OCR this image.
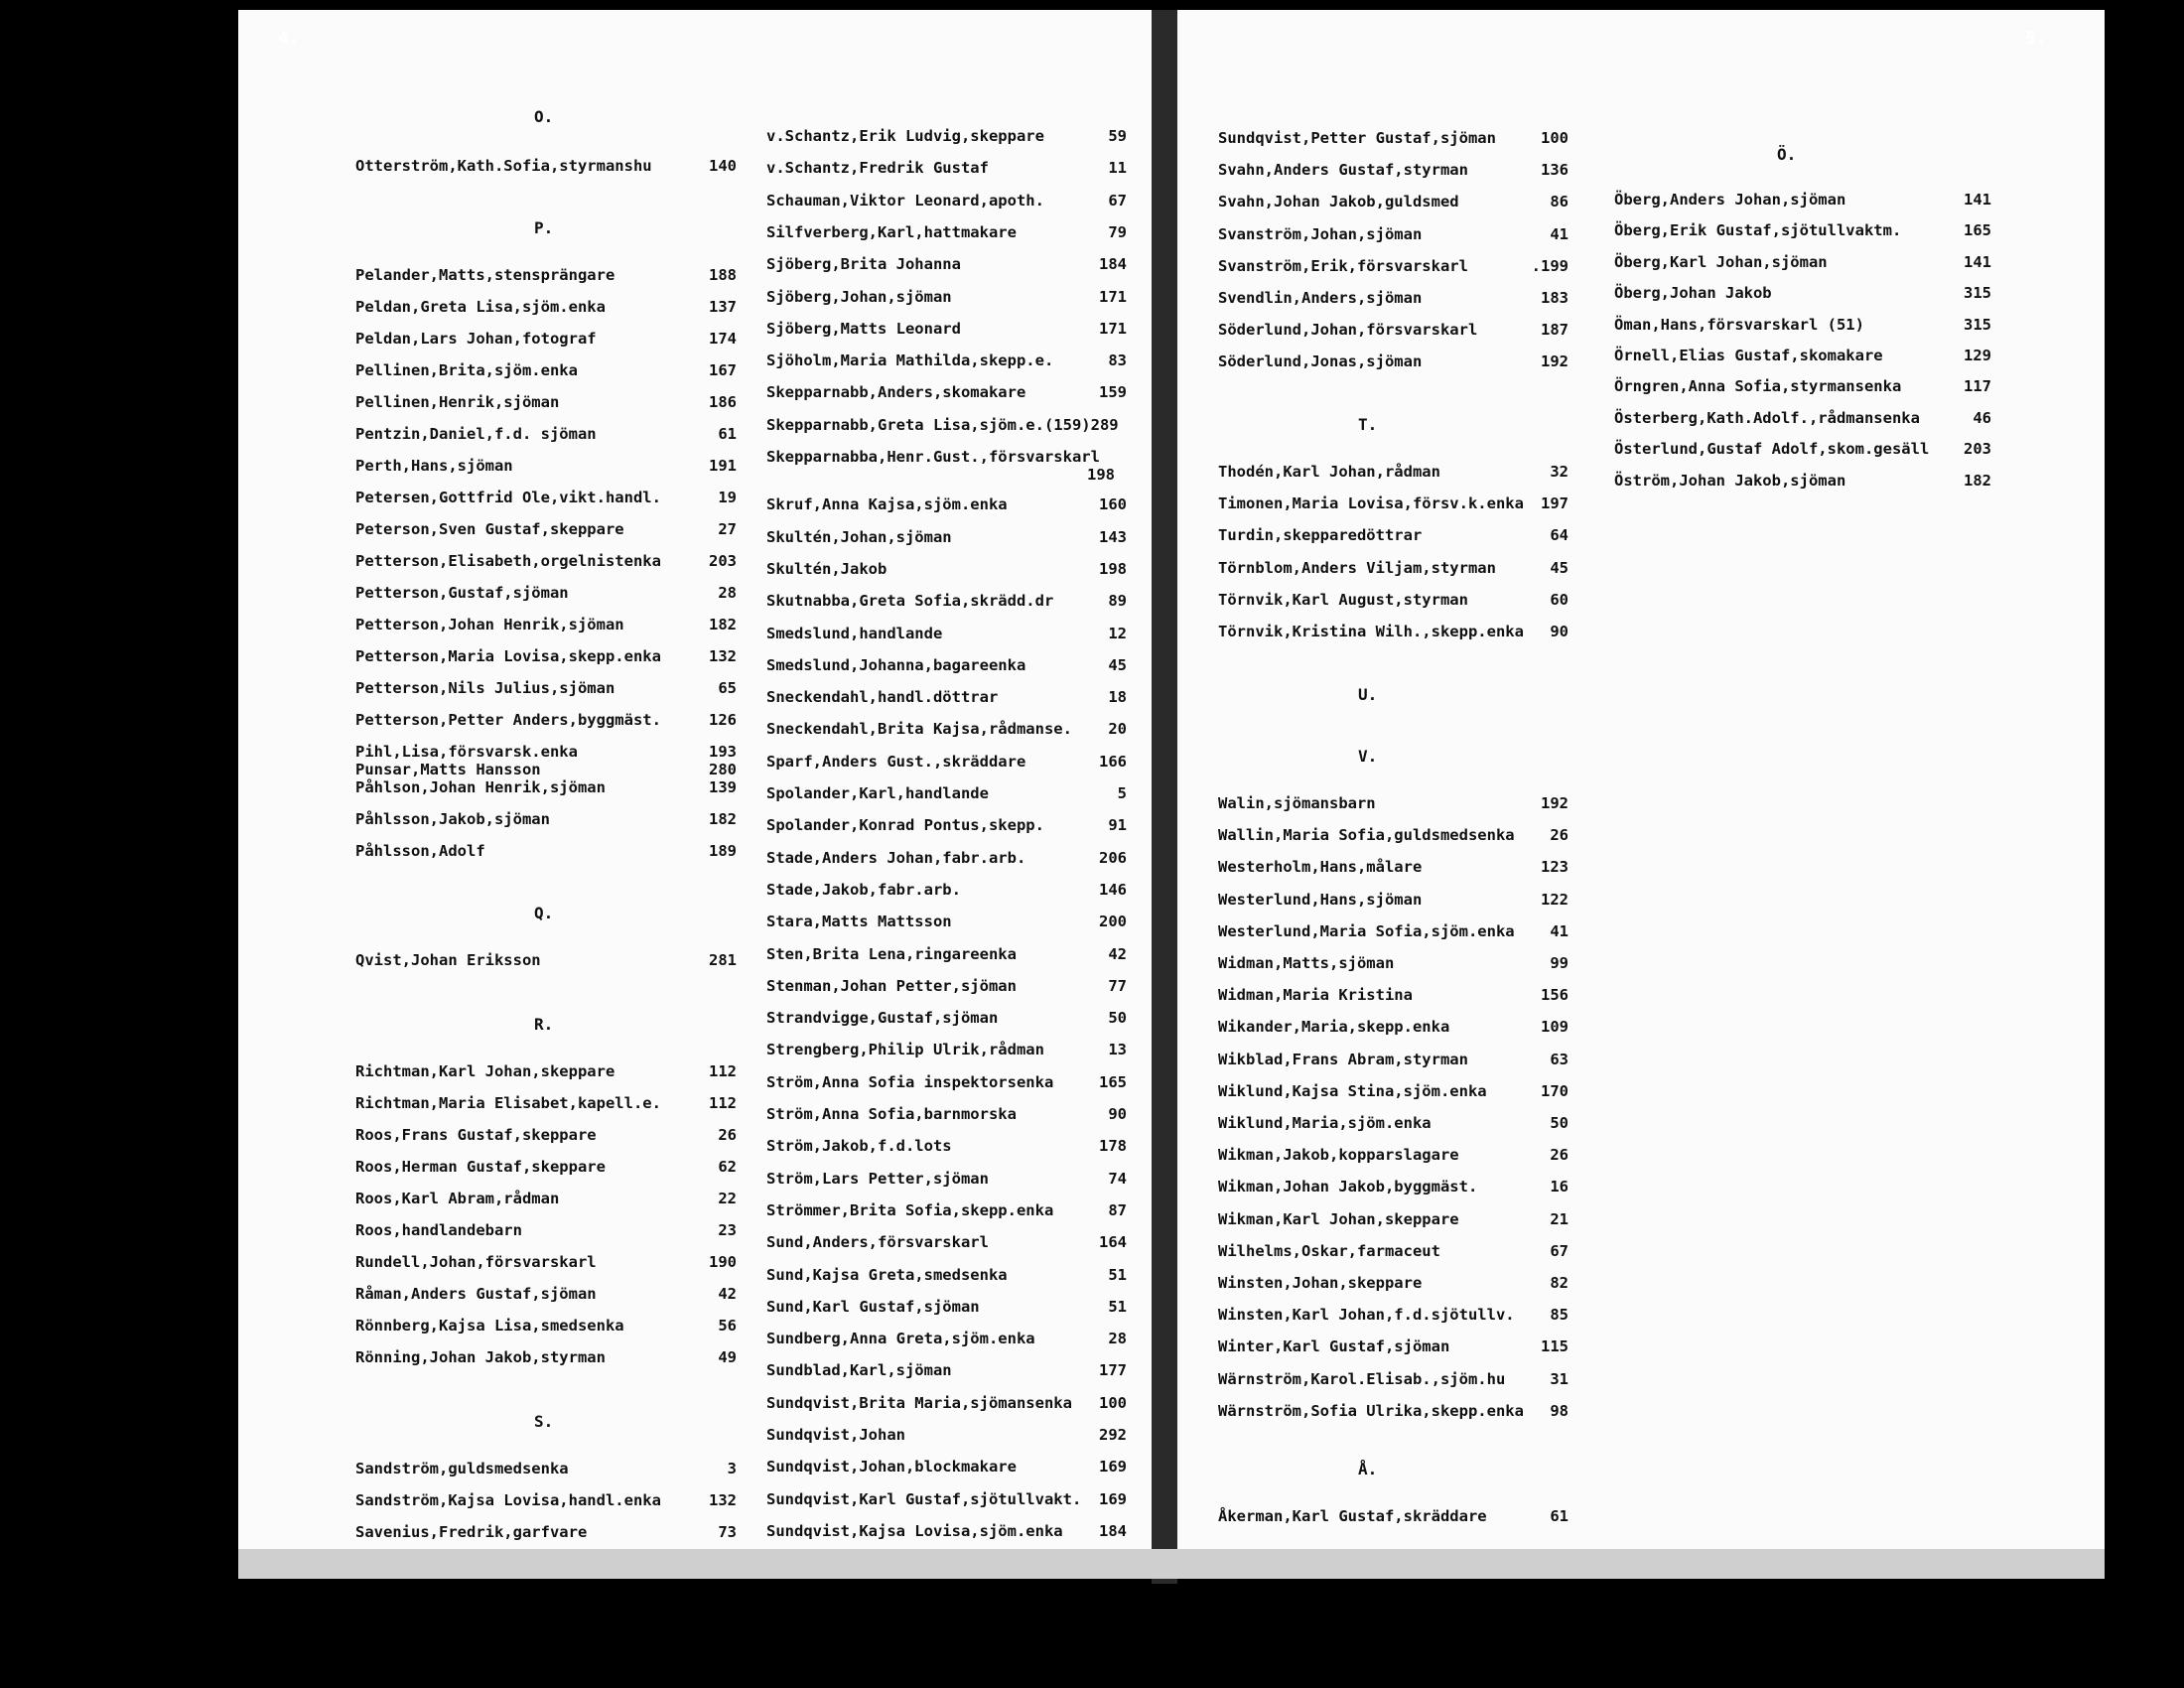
4.	5.
O.
Otterström,Kath.Sofia,styrmanshu	140
P.
Pelander,Matts,stensprängare	188
Peldan,Greta Lisa,sjöm.enka	137
Peldan,Lars Johan,fotograf	174
Pellinen,Brita,sjöm.enka	167
Pellinen,Henrik,sjöman	186
Pentzin,Daniel,f.d. sjöman	61
Perth,Hans,sjöman	191
Petersen,Gottfrid Ole,vikt.handl.	19
Peterson,Sven Gustaf,skeppare	27
Petterson,Elisabeth,orgelnistenka	203
Petterson,Gustaf,sjöman	28
Petterson,Johan Henrik,sjöman	182
Petterson,Maria Lovisa,skepp.enka	132
Petterson,Nils Julius,sjöman	65
Petterson,Petter Anders,byggmäst.	126
Pihl,Lisa,försvarsk.enka	193
Punsar,Matts Hansson	280
Påhlson,Johan Henrik,sjöman	139
Påhlsson,Jakob,sjöman	182
Påhlsson,Adolf	189
Q.
Qvist,Johan Eriksson	281
R.
Richtman,Karl Johan,skeppare	112
Richtman,Maria Elisabet,kapell.e.	112
Roos,Frans Gustaf,skeppare	26
Roos,Herman Gustaf,skeppare	62
Roos,Karl Abram,rådman	22
Roos,handlandebarn	23
Rundell,Johan,försvarskarl	190
Råman,Anders Gustaf,sjöman	42
Rönnberg,Kajsa Lisa,smedsenka	56
Rönning,Johan Jakob,styrman	49
S.
Sandström,guldsmedsenka	3
Sandström,Kajsa Lovisa,handl.enka	132
Savenius,Fredrik,garfvare	73
v.Schantz,Erik Ludvig,skeppare	59
v.Schantz,Fredrik Gustaf	11
Schauman,Viktor Leonard,apoth.	67
Silfverberg,Karl,hattmakare	79
Sjöberg,Brita Johanna	184
Sjöberg,Johan,sjöman	171
Sjöberg,Matts Leonard	171
Sjöholm,Maria Mathilda,skepp.e.	83
Skepparnabb,Anders,skomakare	159
Skepparnabb,Greta Lisa,sjöm.e.(159)289
Skepparnabba,Henr.Gust.,försvarskarl
198
Skruf,Anna Kajsa,sjöm.enka	160
Skultén,Johan,sjöman	143
Skultén,Jakob	198
Skutnabba,Greta Sofia,skrädd.dr	89
Smedslund,handlande	12
Smedslund,Johanna,bagareenka	45
Sneckendahl,handl.döttrar	18
Sneckendahl,Brita Kajsa,rådmanse. 20
Sparf,Anders Gust.,skräddare	166
Spolander,Karl,handlande	5
Spolander,Konrad Pontus,skepp.	91
Stade,Anders Johan,fabr.arb.	206
Stade,Jakob,fabr.arb.	146
Stara,Matts Mattsson	200
Sten,Brita Lena,ringareenka	42
Stenman,Johan Petter,sjöman	77
Strandvigge,Gustaf,sjöman	50
Strengberg,Philip Ulrik,rådman	13
Ström,Anna Sofia inspektorsenka	165
Ström,Anna Sofia,barnmorska	90
Ström,Jakob,f.d.lots	178
Ström,Lars Petter,sjöman	74
Strömmer,Brita Sofia,skepp.enka	87
Sund,Anders,försvarskarl	164
Sund,Kajsa Greta,smedsenka	51
Sund,Karl Gustaf,sjöman	51
Sundberg,Anna Greta,sjöm.enka	28
Sundblad,Karl,sjöman	177
Sundqvist,Brita Maria,sjömansenka 100
Sundqvist,Johan	292
Sundqvist,Johan,blockmakare	169
Sundqvist,Karl Gustaf,sjötullvakt. 169
Sundqvist,Kajsa Lovisa,sjöm.enka 184
Sundqvist,Petter Gustaf,sjöman	100
Svahn,Anders Gustaf,styrman	136
Svahn,Johan Jakob,guldsmed	86
Svanström,Johan,sjöman	41
Svanström,Erik,försvarskarl	.199
Svendlin,Anders,sjöman	183
Söderlund,Johan,försvarskarl	187
Söderlund,Jonas,sjöman	192
T.
Thodén,Karl Johan,rådman	32
Timonen,Maria Lovisa,försv.k.enka 197
Turdin,skepparedöttrar	64
Törnblom,Anders Viljam,styrman	45
Törnvik,Karl August,styrman	60
Törnvik,Kristina Wilh.,skepp.enka 90
U.
V.
Walin,sjömansbarn	192
Wallin,Maria Sofia,guldsmedsenka 26
Westerholm,Hans,målare	123
Westerlund,Hans,sjöman	122
Westerlund,Maria Sofia,sjöm.enka 41
Widman,Matts,sjöman	99
Widman,Maria Kristina	156
Wikander,Maria,skepp.enka	109
Wikblad,Frans Abram,styrman	63
Wiklund,Kajsa Stina,sjöm.enka	170
Wiklund,Maria,sjöm.enka	50
Wikman,Jakob,kopparslagare	26
Wikman,Johan Jakob,byggmäst.	16
Wikman,Karl Johan,skeppare	21
Wilhelms,Oskar,farmaceut	67
Winsten,Johan,skeppare	82
Winsten,Karl Johan,f.d.sjötullv. 85
Winter,Karl Gustaf,sjöman	115
Wärnström,Karol.Elisab.,sjöm.hu	31
Wärnström,Sofia Ulrika,skepp.enka 98
Å.
Åkerman,Karl Gustaf,skräddare	61
Ö.
Öberg,Anders Johan,sjöman	141
Öberg,Erik Gustaf,sjötullvaktm.	165
Öberg,Karl Johan,sjöman	141
Öberg,Johan Jakob	315
Öman,Hans,försvarskarl (51)	315
Örnell,Elias Gustaf,skomakare	129
Örngren,Anna Sofia,styrmansenka	117
Österberg,Kath.Adolf.,rådmansenka	46
Österlund,Gustaf Adolf,skom.gesäll 203
Öström,Johan Jakob,sjöman	182
